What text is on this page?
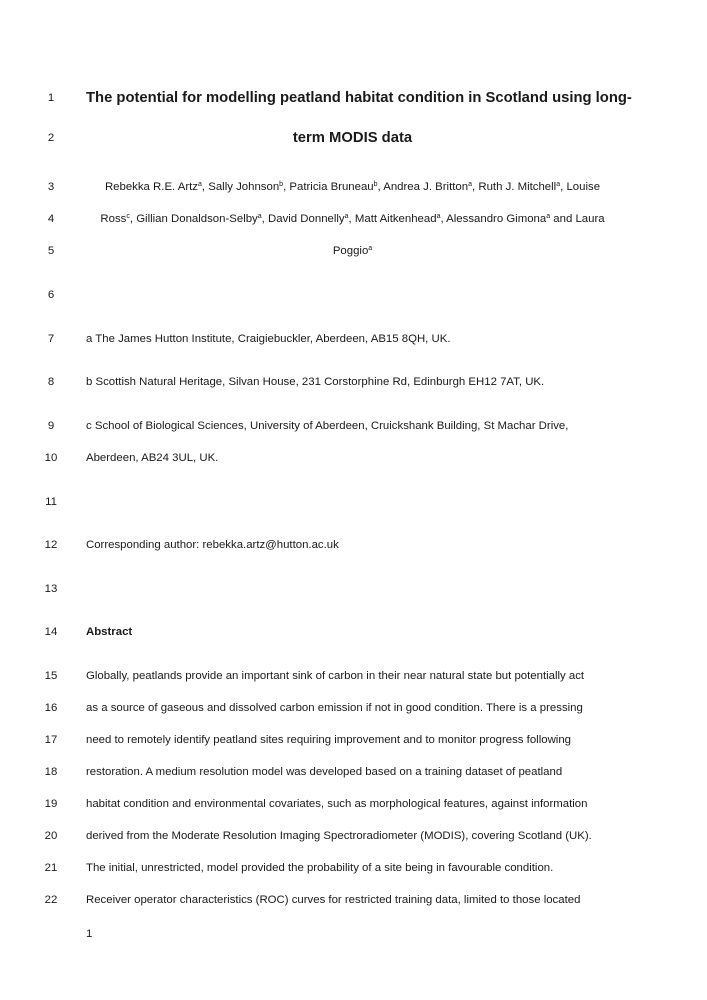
1	The potential for modelling peatland habitat condition in Scotland using long-
2	term MODIS data
3	Rebekka R.E. Artz$^a$, Sally Johnson$^b$, Patricia Bruneau$^b$, Andrea J. Britton$^a$, Ruth J. Mitchell$^a$, Louise
4	Ross$^c$, Gillian Donaldson-Selby$^a$, David Donnelly$^a$, Matt Aitkenhead$^a$, Alessandro Gimona$^a$ and Laura
5	Poggio$^a$
6
7	a The James Hutton Institute, Craigiebuckler, Aberdeen, AB15 8QH, UK.
8	b Scottish Natural Heritage, Silvan House, 231 Corstorphine Rd, Edinburgh EH12 7AT, UK.
9	c School of Biological Sciences, University of Aberdeen, Cruickshank Building, St Machar Drive,
10	Aberdeen, AB24 3UL, UK.
11
12	Corresponding author: rebekka.artz@hutton.ac.uk
13
14	Abstract
15	Globally, peatlands provide an important sink of carbon in their near natural state but potentially act
16	as a source of gaseous and dissolved carbon emission if not in good condition. There is a pressing
17	need to remotely identify peatland sites requiring improvement and to monitor progress following
18	restoration. A medium resolution model was developed based on a training dataset of peatland
19	habitat condition and environmental covariates, such as morphological features, against information
20	derived from the Moderate Resolution Imaging Spectroradiometer (MODIS), covering Scotland (UK).
21	The initial, unrestricted, model provided the probability of a site being in favourable condition.
22	Receiver operator characteristics (ROC) curves for restricted training data, limited to those located
1
